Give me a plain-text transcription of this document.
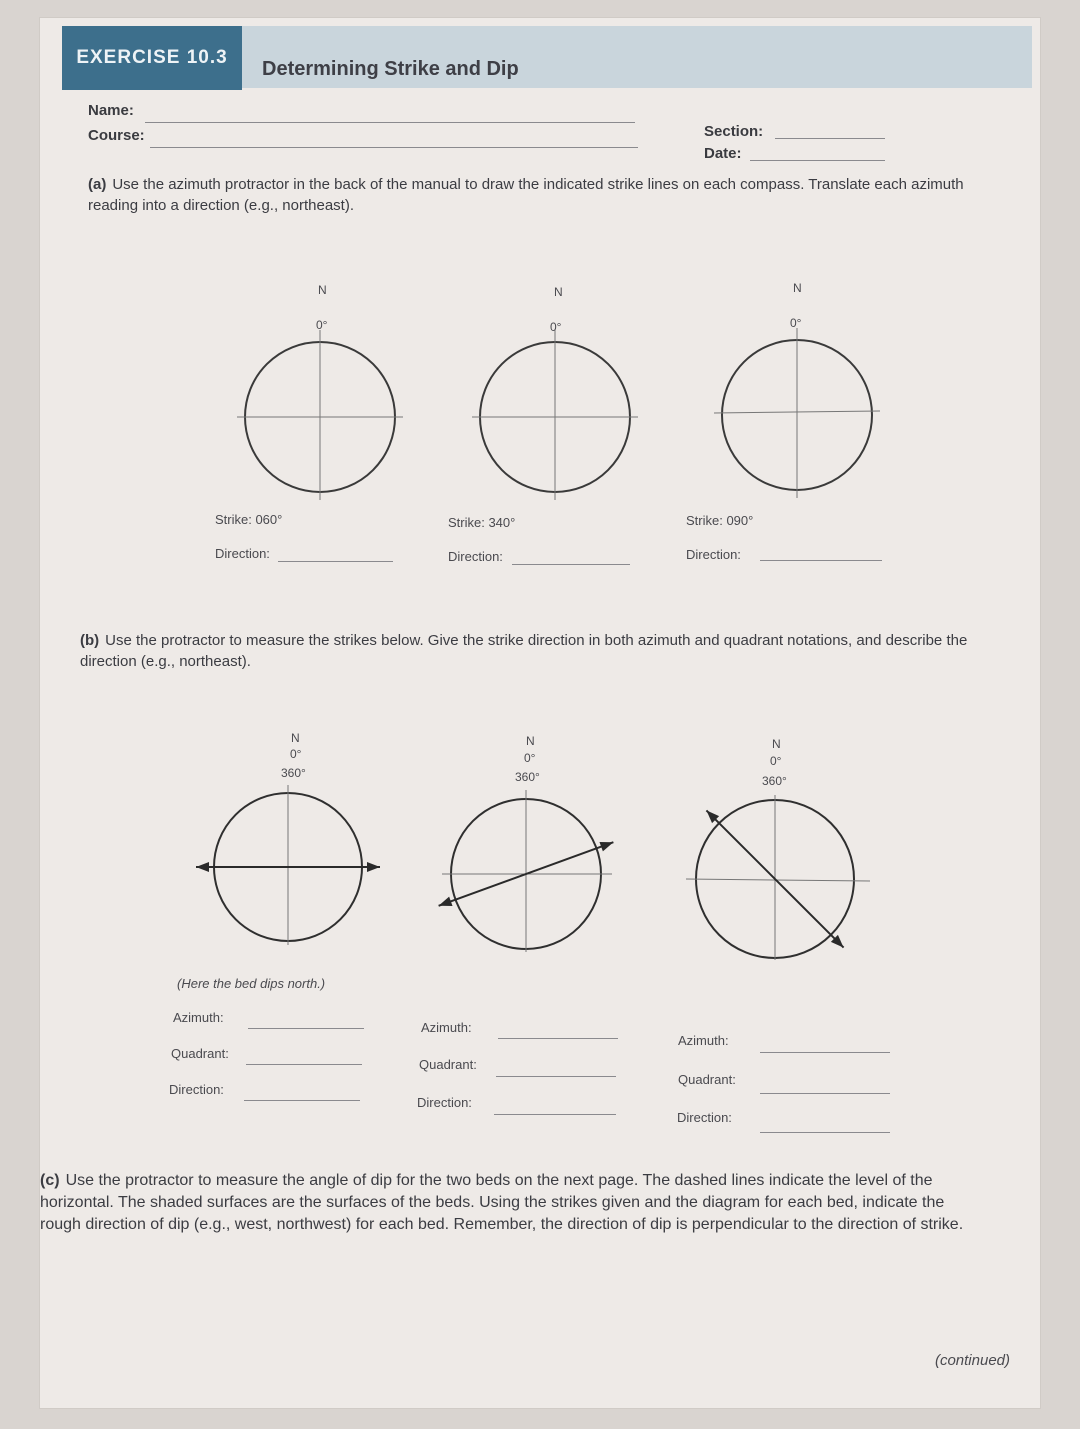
EXERCISE 10.3
Determining Strike and Dip
Name:
Course:	Section:
Date:
(a) Use the azimuth protractor in the back of the manual to draw the indicated strike lines on each compass. Translate each azimuth reading into a direction (e.g., northeast).
N
0°
Strike: 060°
Direction:
N
0°
Strike: 340°
Direction:
N
0°
Strike: 090°
Direction:
(b) Use the protractor to measure the strikes below. Give the strike direction in both azimuth and quadrant notations, and describe the direction (e.g., northeast).
N
0°
360°
(Here the bed dips north.)
Azimuth:
Quadrant:
Direction:
N
0°
360°
Azimuth:
Quadrant:
Direction:
N
0°
360°
Azimuth:
Quadrant:
Direction:
(c) Use the protractor to measure the angle of dip for the two beds on the next page. The dashed lines indicate the level of the horizontal. The shaded surfaces are the surfaces of the beds. Using the strikes given and the diagram for each bed, indicate the rough direction of dip (e.g., west, northwest) for each bed. Remember, the direction of dip is perpendicular to the direction of strike.
(continued)
